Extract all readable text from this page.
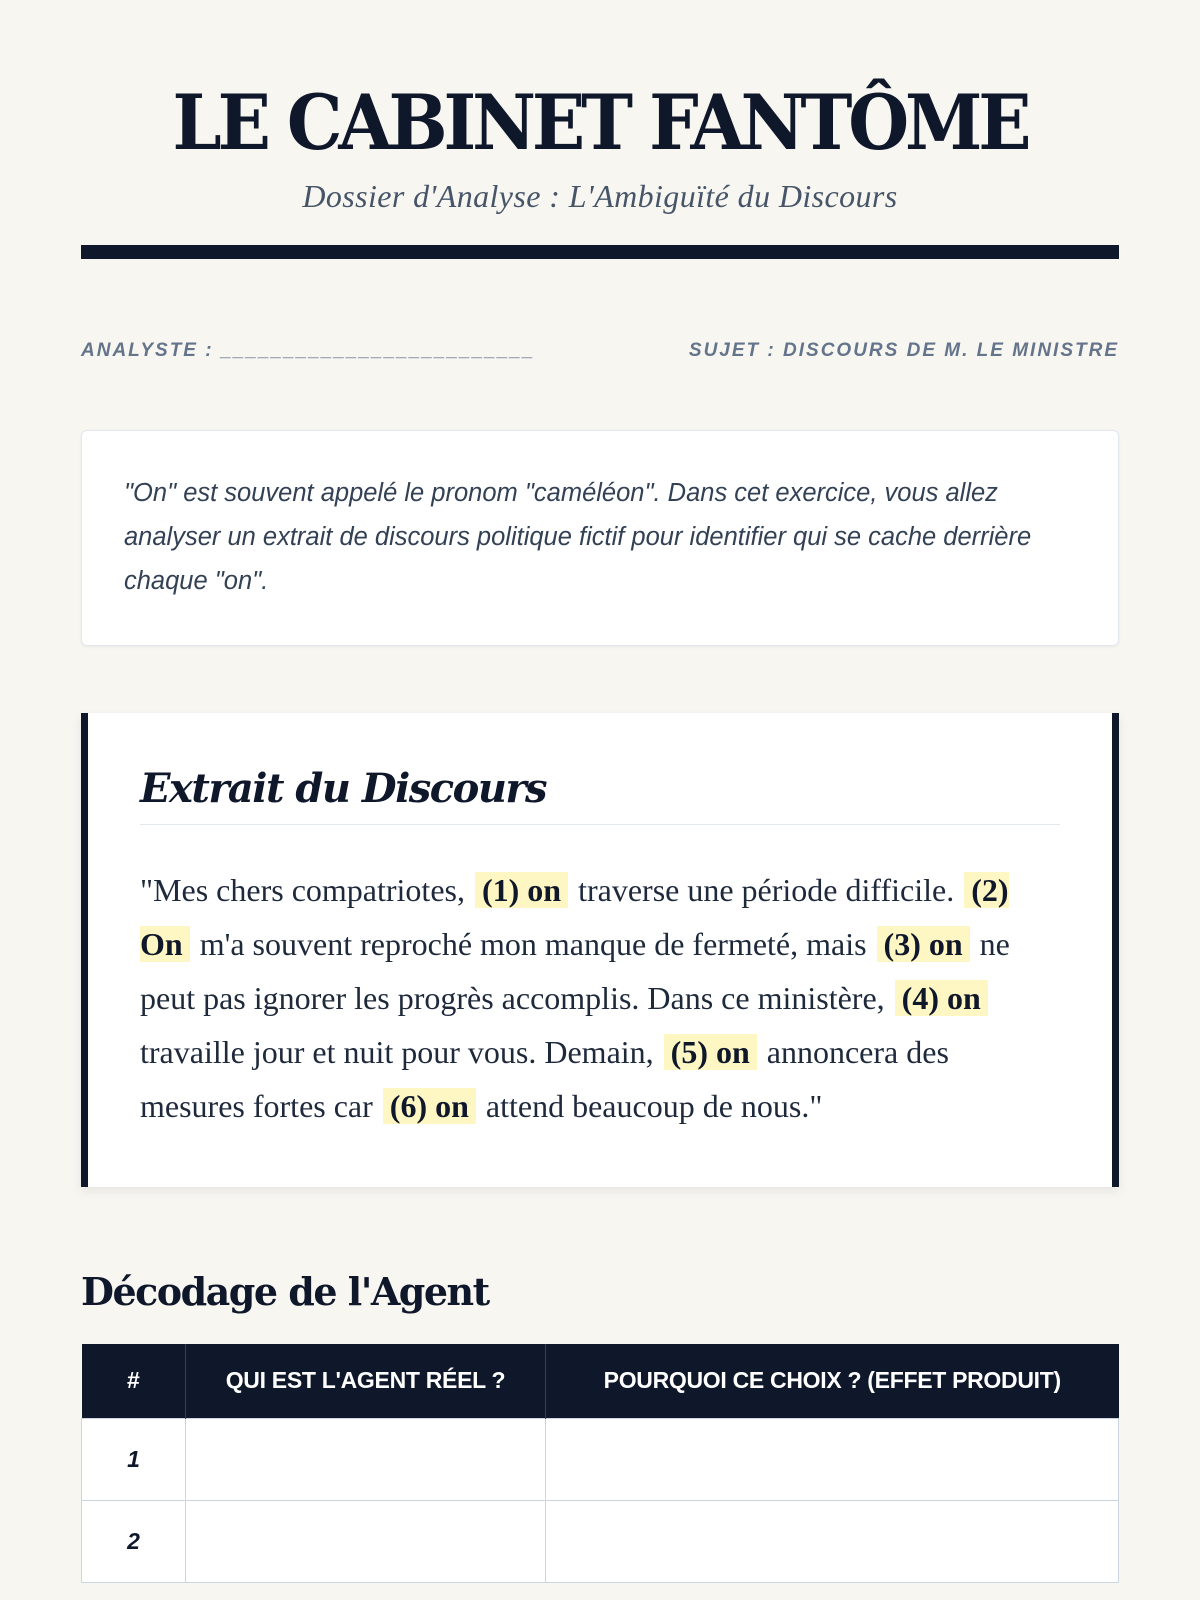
LE CABINET FANTÔME
Dossier d'Analyse : L'Ambiguïté du Discours
ANALYSTE : _________________________	SUJET : DISCOURS DE M. LE MINISTRE

"On" est souvent appelé le pronom "caméléon". Dans cet exercice, vous allez analyser un extrait de discours politique fictif pour identifier qui se cache derrière chaque "on".

Extrait du Discours

"Mes chers compatriotes, (1) on traverse une période difficile. (2) On m'a souvent reproché mon manque de fermeté, mais (3) on ne peut pas ignorer les progrès accomplis. Dans ce ministère, (4) on travaille jour et nuit pour vous. Demain, (5) on annoncera des mesures fortes car (6) on attend beaucoup de nous."

Décodage de l'Agent
#	QUI EST L'AGENT RÉEL ?	POURQUOI CE CHOIX ? (EFFET PRODUIT)
1		
2		
